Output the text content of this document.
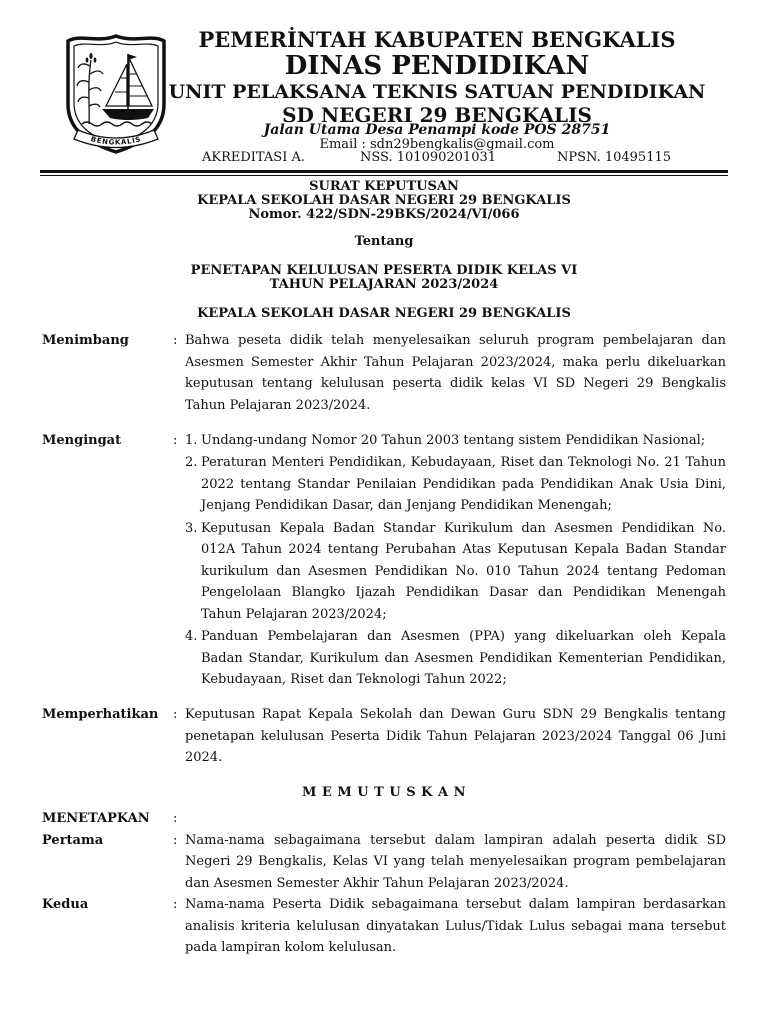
BENGKALIS
PEMERİNTAH KABUPATEN BENGKALIS
DINAS PENDIDIKAN
UNIT PELAKSANA TEKNIS SATUAN PENDIDIKAN
SD NEGERI 29 BENGKALIS
Jalan Utama Desa Penampi kode POS 28751
Email : sdn29bengkalis@gmail.com
AKREDITASI A.	NSS. 101090201031	NPSN. 10495115
SURAT KEPUTUSAN
KEPALA SEKOLAH DASAR NEGERI 29 BENGKALIS
Nomor. 422/SDN-29BKS/2024/VI/066
Tentang
PENETAPAN KELULUSAN PESERTA DIDIK KELAS VI
TAHUN PELAJARAN 2023/2024
KEPALA SEKOLAH DASAR NEGERI 29 BENGKALIS
Menimbang	: Bahwa peseta didik telah menyelesaikan seluruh program pembelajaran dan Asesmen Semester Akhir Tahun Pelajaran 2023/2024, maka perlu dikeluarkan keputusan tentang kelulusan peserta didik kelas VI SD Negeri 29 Bengkalis Tahun Pelajaran 2023/2024.
Mengingat	: 1. Undang-undang Nomor 20 Tahun 2003 tentang sistem Pendidikan Nasional;
2. Peraturan Menteri Pendidikan, Kebudayaan, Riset dan Teknologi No. 21 Tahun 2022 tentang Standar Penilaian Pendidikan pada Pendidikan Anak Usia Dini, Jenjang Pendidikan Dasar, dan Jenjang Pendidikan Menengah;
3. Keputusan Kepala Badan Standar Kurikulum dan Asesmen Pendidikan No. 012A Tahun 2024 tentang Perubahan Atas Keputusan Kepala Badan Standar kurikulum dan Asesmen Pendidikan No. 010 Tahun 2024 tentang Pedoman Pengelolaan Blangko Ijazah Pendidikan Dasar dan Pendidikan Menengah Tahun Pelajaran 2023/2024;
4. Panduan Pembelajaran dan Asesmen (PPA) yang dikeluarkan oleh Kepala Badan Standar, Kurikulum dan Asesmen Pendidikan Kementerian Pendidikan, Kebudayaan, Riset dan Teknologi Tahun 2022;
Memperhatikan	: Keputusan Rapat Kepala Sekolah dan Dewan Guru SDN 29 Bengkalis tentang penetapan kelulusan Peserta Didik Tahun Pelajaran 2023/2024 Tanggal 06 Juni 2024.
M E M U T U S K A N
MENETAPKAN	:
Pertama	: Nama-nama sebagaimana tersebut dalam lampiran adalah peserta didik SD Negeri 29 Bengkalis, Kelas VI yang telah menyelesaikan program pembelajaran dan Asesmen Semester Akhir Tahun Pelajaran 2023/2024.
Kedua	: Nama-nama Peserta Didik sebagaimana tersebut dalam lampiran berdasarkan analisis kriteria kelulusan dinyatakan Lulus/Tidak Lulus sebagai mana tersebut pada lampiran kolom kelulusan.
